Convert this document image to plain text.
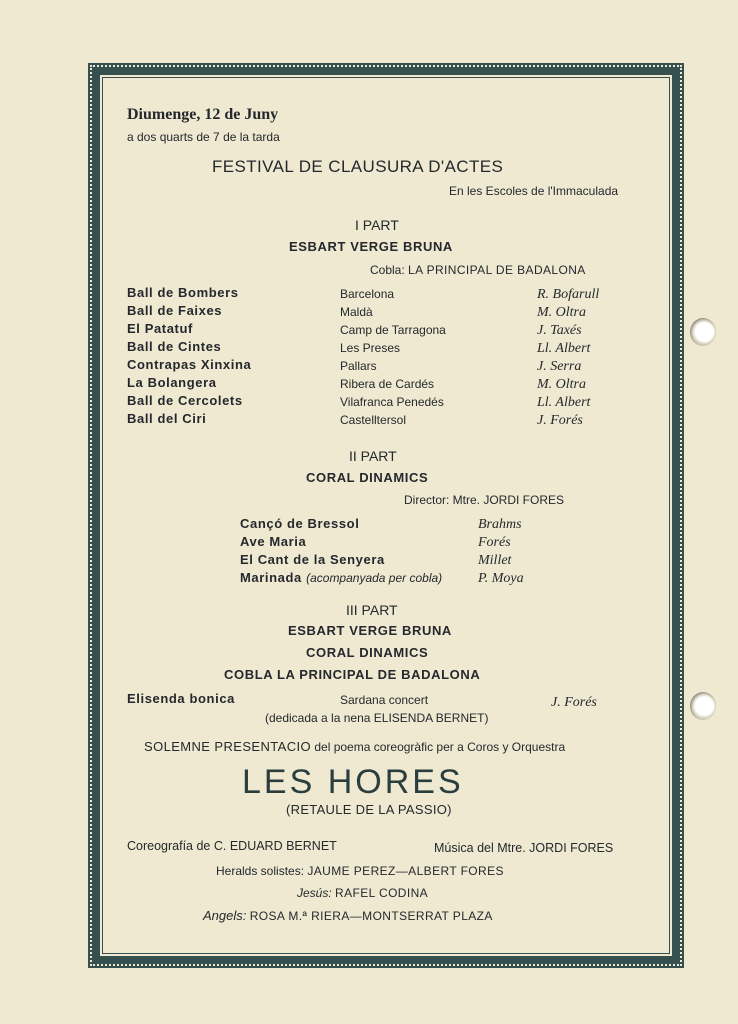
Diumenge, 12 de Juny
a dos quarts de 7 de la tarda
FESTIVAL DE CLAUSURA D'ACTES
En les Escoles de l'Immaculada
I PART
ESBART VERGE BRUNA
Cobla: LA PRINCIPAL DE BADALONA
Ball de Bombers	Barcelona	R. Bofarull
Ball de Faixes	Maldà	M. Oltra
El Patatuf	Camp de Tarragona	J. Taxés
Ball de Cintes	Les Preses	Ll. Albert
Contrapas Xinxina	Pallars	J. Serra
La Bolangera	Ribera de Cardés	M. Oltra
Ball de Cercolets	Vilafranca Penedés	Ll. Albert
Ball del Ciri	Castelltersol	J. Forés
II PART
CORAL DINAMICS
Director: Mtre. JORDI FORES
Cançó de Bressol	Brahms
Ave Maria	Forés
El Cant de la Senyera	Millet
Marinada (acompanyada per cobla)	P. Moya
III PART
ESBART VERGE BRUNA
CORAL DINAMICS
COBLA LA PRINCIPAL DE BADALONA
Elisenda bonica	Sardana concert	J. Forés
(dedicada a la nena ELISENDA BERNET)
SOLEMNE PRESENTACIO del poema coreogràfic per a Coros y Orquestra
LES HORES
(RETAULE DE LA PASSIO)
Coreografía de C. EDUARD BERNET	Música del Mtre. JORDI FORES
Heralds solistes: JAUME PEREZ—ALBERT FORES
Jesús: RAFEL CODINA
Angels: ROSA M.ª RIERA—MONTSERRAT PLAZA
